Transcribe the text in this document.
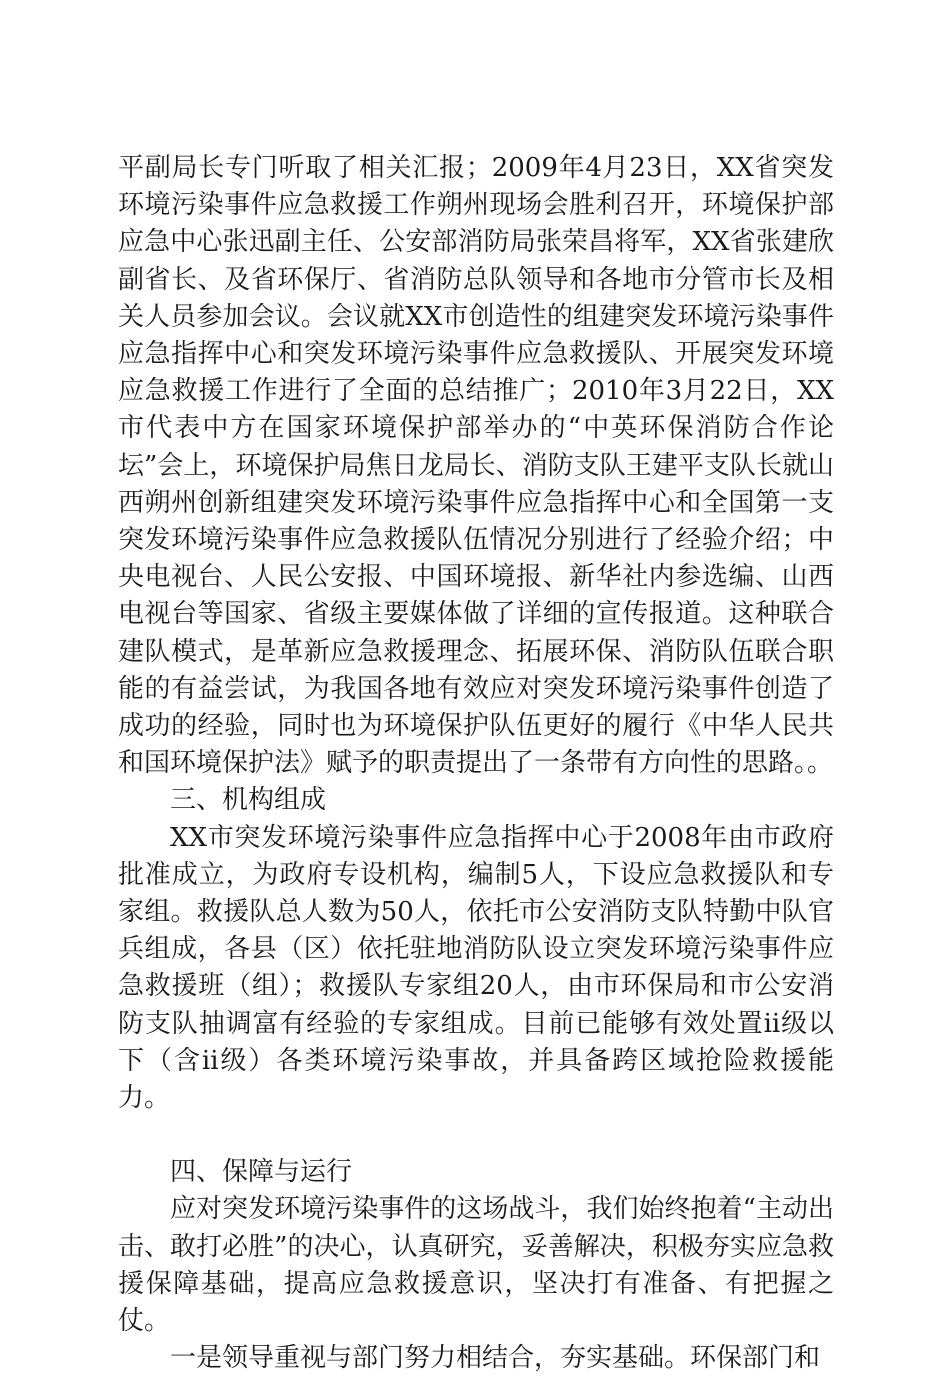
平副局长专门听取了相关汇报；2009年4月23日，XX省突发环境污染事件应急救援工作朔州现场会胜利召开，环境保护部应急中心张迅副主任、公安部消防局张荣昌将军，XX省张建欣副省长、及省环保厅、省消防总队领导和各地市分管市长及相关人员参加会议。会议就XX市创造性的组建突发环境污染事件应急指挥中心和突发环境污染事件应急救援队、开展突发环境应急救援工作进行了全面的总结推广；2010年3月22日，XX市代表中方在国家环境保护部举办的“中英环保消防合作论坛”会上，环境保护局焦日龙局长、消防支队王建平支队长就山西朔州创新组建突发环境污染事件应急指挥中心和全国第一支突发环境污染事件应急救援队伍情况分别进行了经验介绍；中央电视台、人民公安报、中国环境报、新华社内参选编、山西电视台等国家、省级主要媒体做了详细的宣传报道。这种联合建队模式，是革新应急救援理念、拓展环保、消防队伍联合职能的有益尝试，为我国各地有效应对突发环境污染事件创造了成功的经验，同时也为环境保护队伍更好的履行《中华人民共和国环境保护法》赋予的职责提出了一条带有方向性的思路。。

三、机构组成

XX市突发环境污染事件应急指挥中心于2008年由市政府批准成立，为政府专设机构，编制5人，下设应急救援队和专家组。救援队总人数为50人，依托市公安消防支队特勤中队官兵组成，各县（区）依托驻地消防队设立突发环境污染事件应急救援班（组）；救援队专家组20人，由市环保局和市公安消防支队抽调富有经验的专家组成。目前已能够有效处置ii级以下（含ii级）各类环境污染事故，并具备跨区域抢险救援能力。

四、保障与运行

应对突发环境污染事件的这场战斗，我们始终抱着“主动出击、敢打必胜”的决心，认真研究，妥善解决，积极夯实应急救援保障基础，提高应急救援意识，坚决打有准备、有把握之仗。

一是领导重视与部门努力相结合，夯实基础。环保部门和
